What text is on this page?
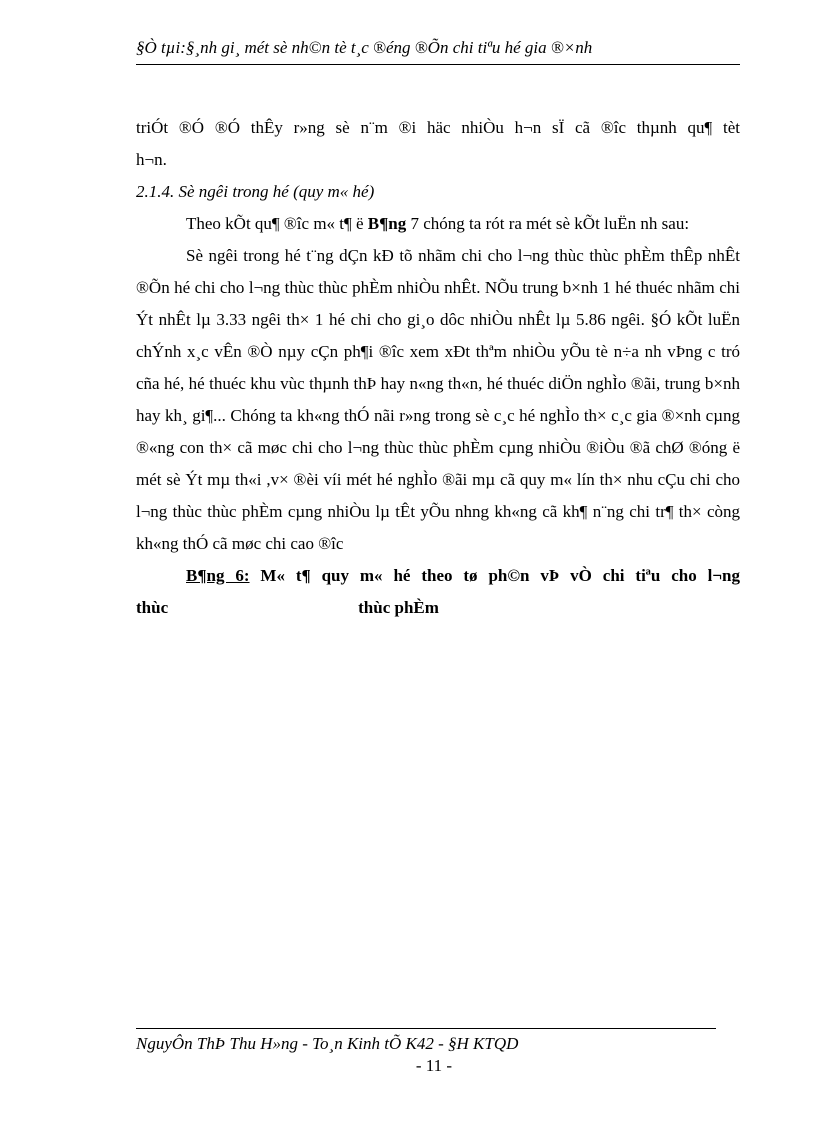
§Ò tµi:§¸nh gi¸ mét sè nh©n tè t¸c ®éng ®Õn chi tiªu hé gia ®×nh

triÓt ®Ó ®Ó thÊy r»ng sè n¨m ®i häc nhiÒu h¬n sÏ cã ®îc thµnh qu¶ tèt

h¬n.

2.1.4. Sè ngêi trong hé (quy m« hé)

Theo kÕt qu¶ ®îc m« t¶ ë B¶ng 7 chóng ta rót ra mét sè kÕt luËn nh sau:

Sè ngêi trong hé t¨ng dÇn kÐ tõ nhãm chi cho l¬ng thùc thùc phÈm thÊp nhÊt ®Õn hé chi cho l¬ng thùc thùc phÈm nhiÒu nhÊt. NÕu trung b×nh 1 hé thuéc nhãm chi Ýt nhÊt lµ 3.33 ngêi th× 1 hé chi cho gi¸o dôc nhiÒu nhÊt lµ 5.86 ngêi. §Ó kÕt luËn chÝnh x¸c vÊn ®Ò nµy cÇn ph¶i ®îc xem xÐt thªm nhiÒu yÕu tè n÷a nh vÞng c tró cña hé, hé thuéc khu vùc thµnh thÞ hay n«ng th«n, hé thuéc diÖn nghÌo ®ãi, trung b×nh hay kh¸ gi¶... Chóng ta kh«ng thÓ nãi r»ng trong sè c¸c hé nghÌo th× c¸c gia ®×nh cµng ®«ng con th× cã møc chi cho l¬ng thùc thùc phÈm cµng nhiÒu ®iÒu ®ã chØ ®óng ë mét sè Ýt mµ th«i ,v× ®èi víi mét hé nghÌo ®ãi mµ cã quy m« lín th× nhu cÇu chi cho l¬ng thùc thùc phÈm cµng nhiÒu lµ tÊt yÕu nhng kh«ng cã kh¶ n¨ng chi tr¶ th× còng kh«ng thÓ cã møc chi cao ®îc

B¶ng 6: M« t¶ quy m« hé theo tø ph©n vÞ vÒ chi tiªu cho l¬ng

thùc	thùc phÈm

NguyÔn ThÞ Thu H»ng - To¸n Kinh tÕ K42 - §H KTQD
- 11 -
